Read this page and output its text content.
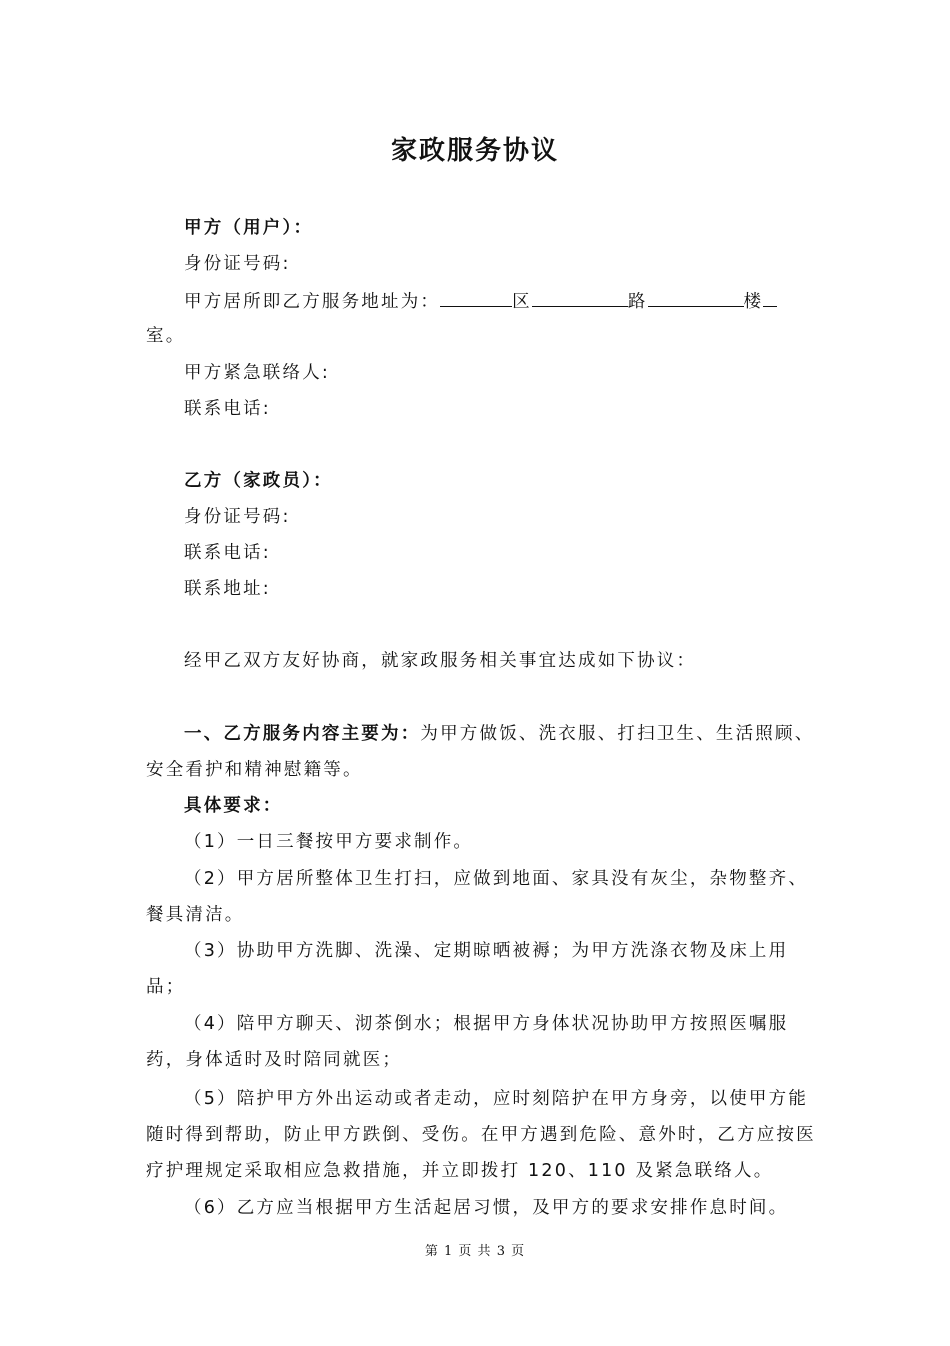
家政服务协议
甲方（用户）：
身份证号码:
甲方居所即乙方服务地址为：	区	路	楼
室。
甲方紧急联络人:
联系电话:
乙方（家政员）：
身份证号码:
联系电话:
联系地址:
经甲乙双方友好协商，就家政服务相关事宜达成如下协议：
一、乙方服务内容主要为：为甲方做饭、洗衣服、打扫卫生、生活照顾、
安全看护和精神慰籍等。
具体要求：
（1）一日三餐按甲方要求制作。
（2）甲方居所整体卫生打扫，应做到地面、家具没有灰尘，杂物整齐、
餐具清洁。
（3）协助甲方洗脚、洗澡、定期晾晒被褥；为甲方洗涤衣物及床上用
品；
（4）陪甲方聊天、沏茶倒水；根据甲方身体状况协助甲方按照医嘱服
药，身体适时及时陪同就医；
（5）陪护甲方外出运动或者走动，应时刻陪护在甲方身旁，以使甲方能
随时得到帮助，防止甲方跌倒、受伤。在甲方遇到危险、意外时，乙方应按医
疗护理规定采取相应急救措施，并立即拨打 120、110 及紧急联络人。
（6）乙方应当根据甲方生活起居习惯，及甲方的要求安排作息时间。
第 1 页 共 3 页
